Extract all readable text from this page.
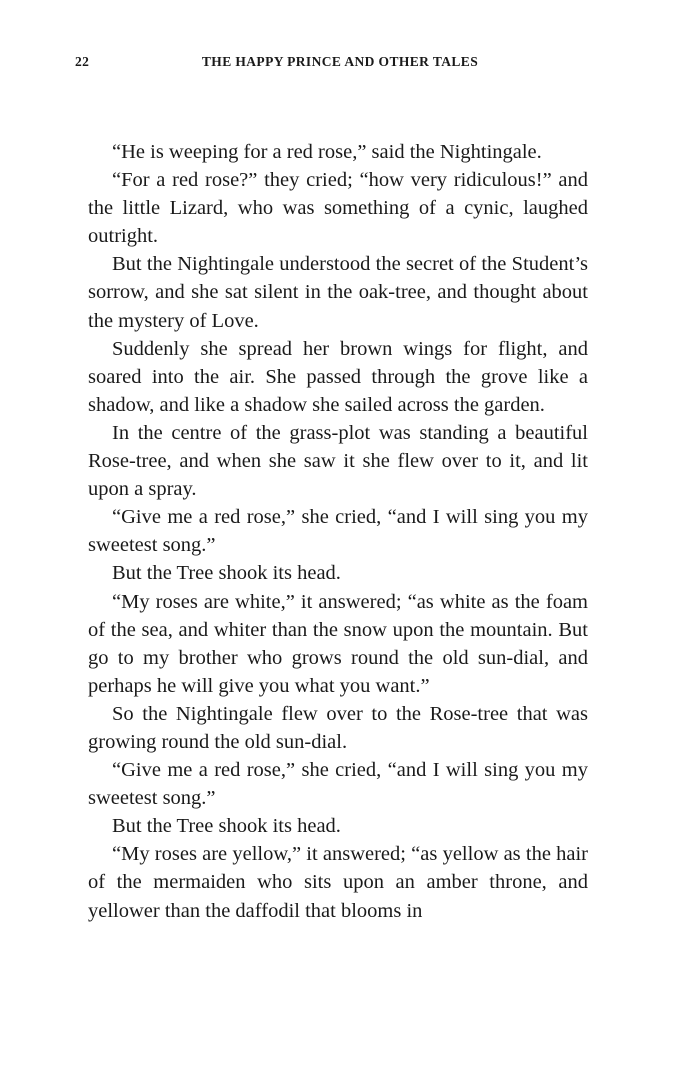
22	THE HAPPY PRINCE AND OTHER TALES

“He is weeping for a red rose,” said the Nightingale.

“For a red rose?” they cried; “how very ridiculous!” and the little Lizard, who was something of a cynic, laughed outright.

But the Nightingale understood the secret of the Student’s sorrow, and she sat silent in the oak-tree, and thought about the mystery of Love.

Suddenly she spread her brown wings for flight, and soared into the air. She passed through the grove like a shadow, and like a shadow she sailed across the garden.

In the centre of the grass-plot was standing a beautiful Rose-tree, and when she saw it she flew over to it, and lit upon a spray.

“Give me a red rose,” she cried, “and I will sing you my sweetest song.”

But the Tree shook its head.

“My roses are white,” it answered; “as white as the foam of the sea, and whiter than the snow upon the mountain. But go to my brother who grows round the old sun-dial, and perhaps he will give you what you want.”

So the Nightingale flew over to the Rose-tree that was growing round the old sun-dial.

“Give me a red rose,” she cried, “and I will sing you my sweetest song.”

But the Tree shook its head.

“My roses are yellow,” it answered; “as yellow as the hair of the mermaiden who sits upon an amber throne, and yellower than the daffodil that blooms in
